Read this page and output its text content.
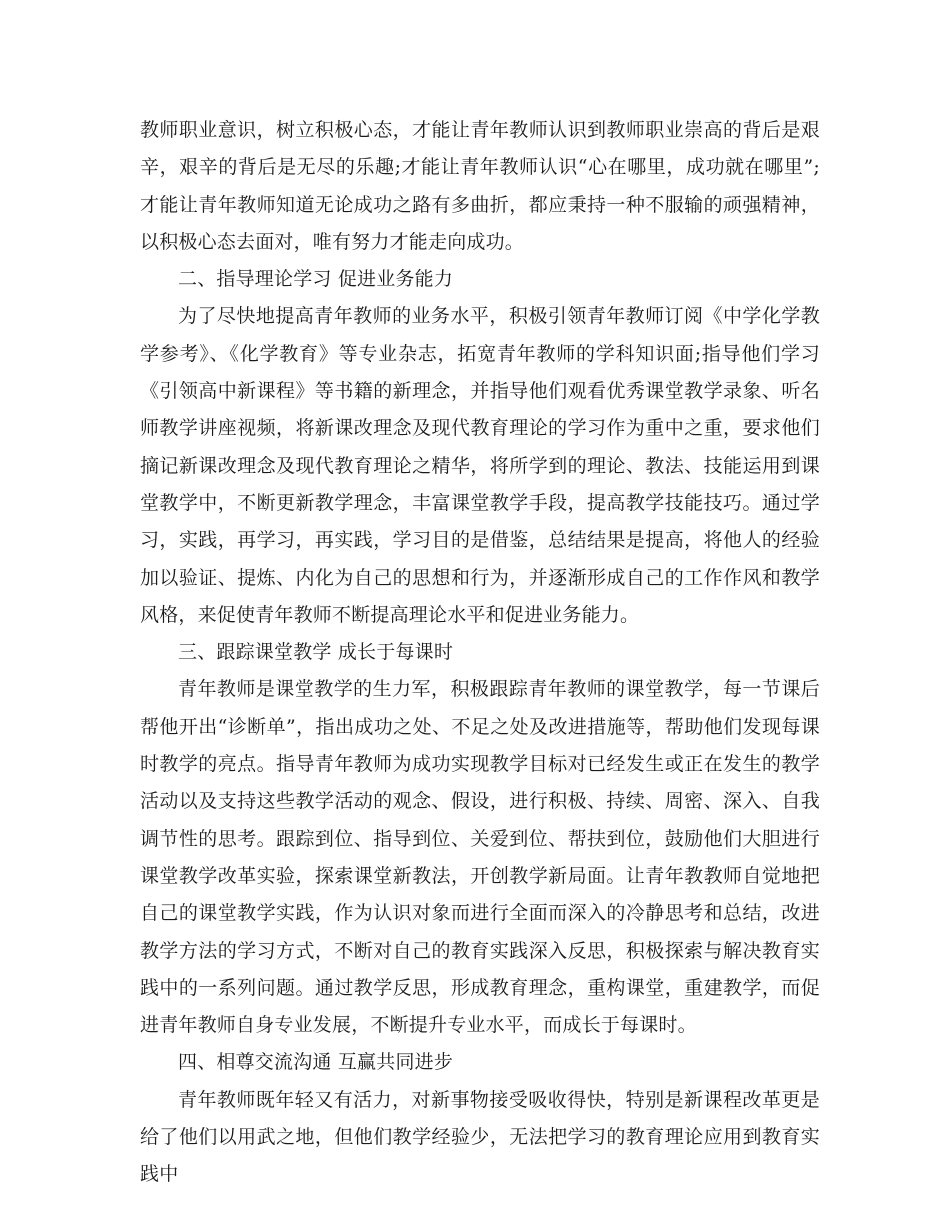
教师职业意识，树立积极心态，才能让青年教师认识到教师职业崇高的背后是艰辛，艰辛的背后是无尽的乐趣;才能让青年教师认识“心在哪里，成功就在哪里”;才能让青年教师知道无论成功之路有多曲折，都应秉持一种不服输的顽强精神，以积极心态去面对，唯有努力才能走向成功。

二、指导理论学习 促进业务能力

为了尽快地提高青年教师的业务水平，积极引领青年教师订阅《中学化学教学参考》、《化学教育》等专业杂志，拓宽青年教师的学科知识面;指导他们学习《引领高中新课程》等书籍的新理念，并指导他们观看优秀课堂教学录象、听名师教学讲座视频，将新课改理念及现代教育理论的学习作为重中之重，要求他们摘记新课改理念及现代教育理论之精华，将所学到的理论、教法、技能运用到课堂教学中，不断更新教学理念，丰富课堂教学手段，提高教学技能技巧。通过学习，实践，再学习，再实践，学习目的是借鉴，总结结果是提高，将他人的经验加以验证、提炼、内化为自己的思想和行为，并逐渐形成自己的工作作风和教学风格，来促使青年教师不断提高理论水平和促进业务能力。

三、跟踪课堂教学 成长于每课时

青年教师是课堂教学的生力军，积极跟踪青年教师的课堂教学，每一节课后帮他开出“诊断单”，指出成功之处、不足之处及改进措施等，帮助他们发现每课时教学的亮点。指导青年教师为成功实现教学目标对已经发生或正在发生的教学活动以及支持这些教学活动的观念、假设，进行积极、持续、周密、深入、自我调节性的思考。跟踪到位、指导到位、关爱到位、帮扶到位，鼓励他们大胆进行课堂教学改革实验，探索课堂新教法，开创教学新局面。让青年教教师自觉地把自己的课堂教学实践，作为认识对象而进行全面而深入的冷静思考和总结，改进教学方法的学习方式，不断对自己的教育实践深入反思，积极探索与解决教育实践中的一系列问题。通过教学反思，形成教育理念，重构课堂，重建教学，而促进青年教师自身专业发展，不断提升专业水平，而成长于每课时。

四、相尊交流沟通 互赢共同进步

青年教师既年轻又有活力，对新事物接受吸收得快，特别是新课程改革更是给了他们以用武之地，但他们教学经验少，无法把学习的教育理论应用到教育实践中
